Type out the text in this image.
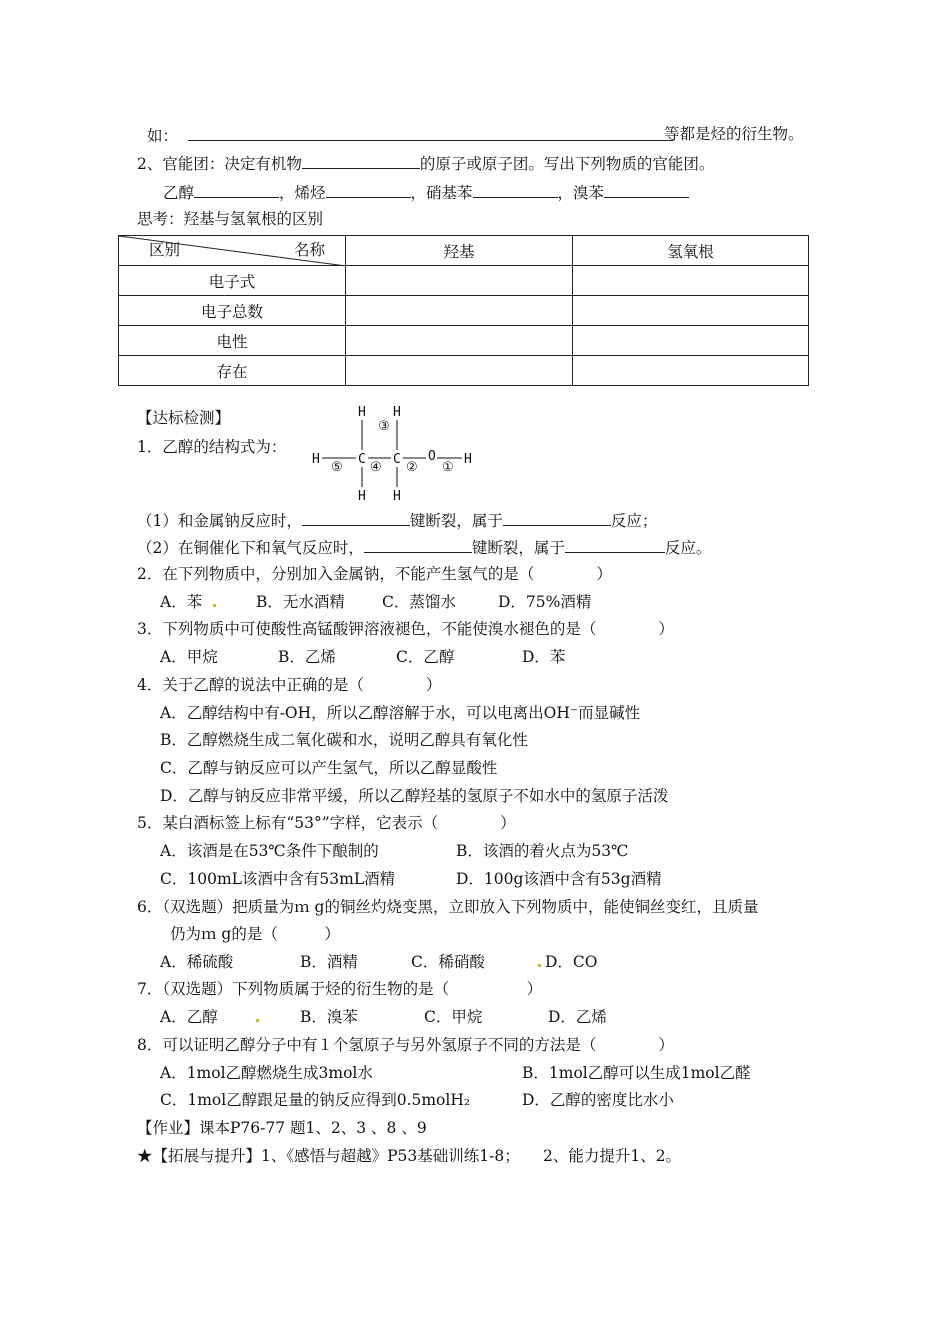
如：	等都是烃的衍生物。
2、官能团：决定有机物	的原子或原子团。写出下列物质的官能团。
乙醇	，烯烃	，硝基苯	，溴苯
思考：羟基与氢氧根的区别
区别 名称	羟基	氢氧根
电子式		
电子总数		
电性		
存在		
【达标检测】
1．乙醇的结构式为：
H H
H	C C O H
H H
③
⑤ ④ ② ①
（1）和金属钠反应时，	键断裂，属于	反应；
（2）在铜催化下和氧气反应时，	键断裂，属于	反应。
2．在下列物质中，分别加入金属钠，不能产生氢气的是（　　　　）
A．苯	B．无水酒精 C．蒸馏水	D．75%酒精
3．下列物质中可使酸性高锰酸钾溶液褪色，不能使溴水褪色的是（　　　　）
A．甲烷	B．乙烯	C．乙醇	D．苯
4．关于乙醇的说法中正确的是（　　　　）
A．乙醇结构中有-OH，所以乙醇溶解于水，可以电离出OH⁻而显碱性
B．乙醇燃烧生成二氧化碳和水，说明乙醇具有氧化性
C．乙醇与钠反应可以产生氢气，所以乙醇显酸性
D．乙醇与钠反应非常平缓，所以乙醇羟基的氢原子不如水中的氢原子活泼
5．某白酒标签上标有“53°”字样，它表示（　　　　）
A．该酒是在53℃条件下酿制的	B．该酒的着火点为53℃
C．100mL该酒中含有53mL酒精	D．100g该酒中含有53g酒精
6．（双选题）把质量为ｍ g的铜丝灼烧变黑，立即放入下列物质中，能使铜丝变红，且质量
仍为ｍ g的是（　　　）
A．稀硫酸	B．酒精	C．稀硝酸	D．CO
7．（双选题）下列物质属于烃的衍生物的是（　　　　　）
A．乙醇	B．溴苯	C．甲烷	D．乙烯
8．可以证明乙醇分子中有１个氢原子与另外氢原子不同的方法是（　　　　）
A．1mol乙醇燃烧生成3mol水	B．1mol乙醇可以生成1mol乙醛
C．1mol乙醇跟足量的钠反应得到0.5molH₂	D．乙醇的密度比水小
【作业】课本P76-77 题1、2、3 、8 、9
★【拓展与提升】1、《感悟与超越》P53基础训练1-8；　　2、能力提升1、2。
